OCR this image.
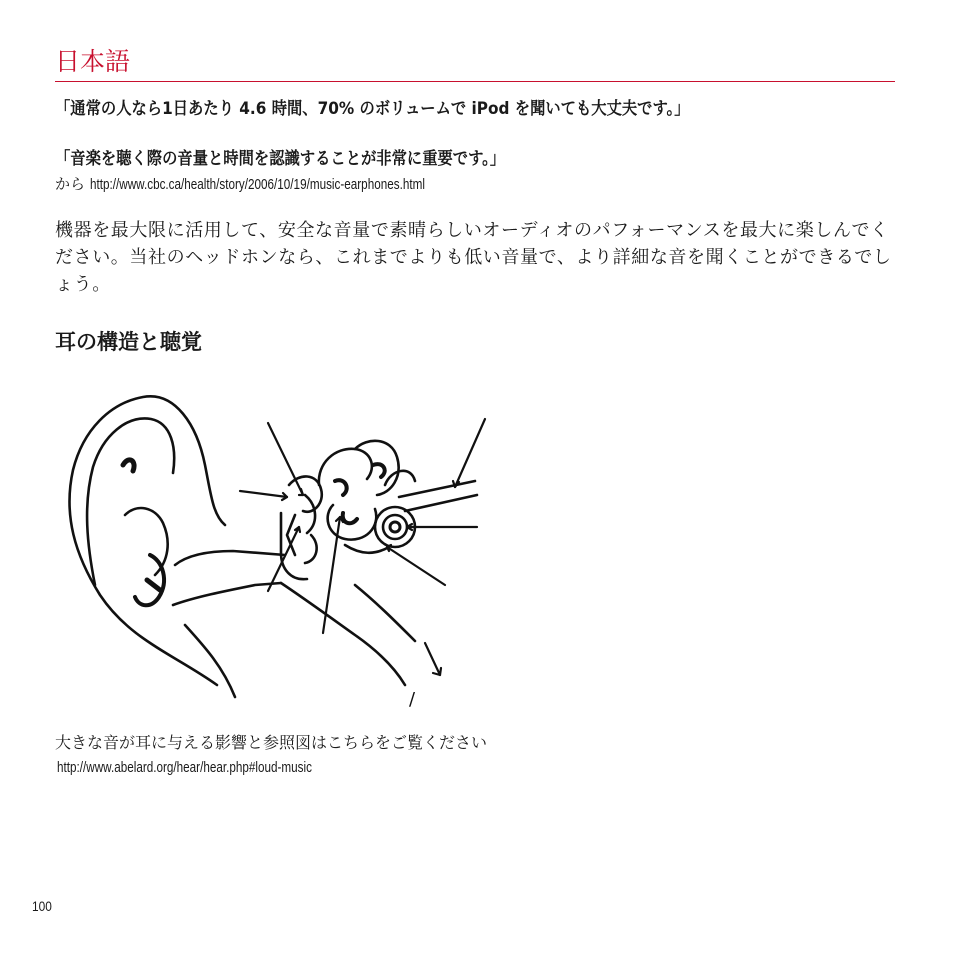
日本語
「通常の人なら1日あたり 4.6 時間、70% のボリュームで iPod を聞いても大丈夫です。」
「音楽を聴く際の音量と時間を認識することが非常に重要です。」
から http://www.cbc.ca/health/story/2006/10/19/music-earphones.html
機器を最大限に活用して、安全な音量で素晴らしいオーディオのパフォーマンスを最大に楽しんでください。当社のヘッドホンなら、これまでよりも低い音量で、より詳細な音を聞くことができるでしょう。
耳の構造と聴覚
/
大きな音が耳に与える影響と参照図はこちらをご覧ください
http://www.abelard.org/hear/hear.php#loud-music
100
